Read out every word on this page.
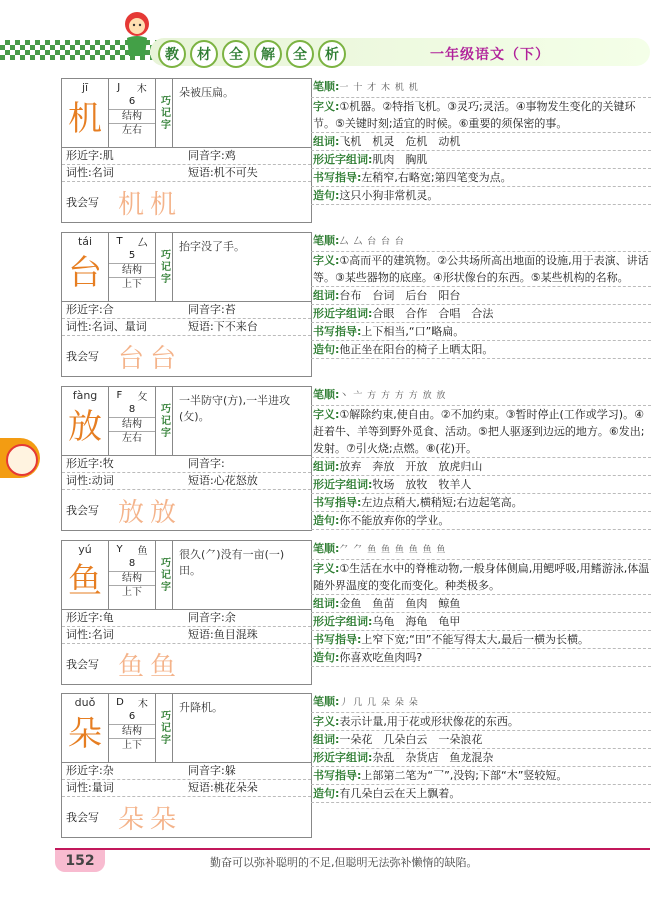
教	材	全	解	全	析	一年级语文（下）
jī
机
J 木
6
结构
左右	巧记字
朵被压扁。
形近字:肌	同音字:鸡
词性:名词	短语:机不可失
我会写 机机
笔顺:一 十 才 木 机 机
字义:①机器。②特指飞机。③灵巧;灵活。④事物发生变化的关键环节。⑤关键时刻;适宜的时候。⑥重要的须保密的事。
组词:飞机　机灵　危机　动机
形近字组词:肌肉　胸肌
书写指导:左稍窄,右略宽;第四笔变为点。
造句:这只小狗非常机灵。
tái
台
T 厶
5
结构
上下	巧记字
抬字没了手。
形近字:合	同音字:苔
词性:名词、量词	短语:下不来台
我会写 台台
笔顺:厶 厶 台 台 台
字义:①高而平的建筑物。②公共场所高出地面的设施,用于表演、讲话等。③某些器物的底座。④形状像台的东西。⑤某些机构的名称。
组词:台布　台词　后台　阳台
形近字组词:合眼　合作　合唱　合法
书写指导:上下相当,“口”略扁。
造句:他正坐在阳台的椅子上晒太阳。
fàng
放
F 攵
8
结构
左右	巧记字
一半防守(方),一半进攻(攵)。
形近字:牧	同音字:
词性:动词	短语:心花怒放
我会写 放放
笔顺:丶 亠 方 方 方 方 放 放
字义:①解除约束,使自由。②不加约束。③暂时停止(工作或学习)。④赶着牛、羊等到野外觅食、活动。⑤把人驱逐到边远的地方。⑥发出;发射。⑦引火烧;点燃。⑧(花)开。
组词:放弃　奔放　开放　放虎归山
形近字组词:牧场　放牧　牧羊人
书写指导:左边点稍大,横稍短;右边起笔高。
造句:你不能放弃你的学业。
yú
鱼
Y 鱼
8
结构
上下	巧记字
很久(⺈)没有一亩(一)田。
形近字:龟	同音字:余
词性:名词	短语:鱼目混珠
我会写 鱼鱼
笔顺:⺈ ⺈ 鱼 鱼 鱼 鱼 鱼 鱼
字义:①生活在水中的脊椎动物,一般身体侧扁,用鳃呼吸,用鳍游泳,体温随外界温度的变化而变化。种类极多。
组词:金鱼　鱼苗　鱼肉　鲸鱼
形近字组词:乌龟　海龟　龟甲
书写指导:上窄下宽;“田”不能写得太大,最后一横为长横。
造句:你喜欢吃鱼肉吗?
duǒ
朵
D 木
6
结构
上下	巧记字
升降机。
形近字:杂	同音字:躲
词性:量词	短语:桃花朵朵
我会写 朵朵
笔顺:丿 几 几 朵 朵 朵
字义:表示计量,用于花或形状像花的东西。
组词:一朵花　几朵白云　一朵浪花
形近字组词:杂乱　杂货店　鱼龙混杂
书写指导:上部第二笔为“乛”,没钩;下部“木”竖较短。
造句:有几朵白云在天上飘着。
152	勤奋可以弥补聪明的不足,但聪明无法弥补懒惰的缺陷。
